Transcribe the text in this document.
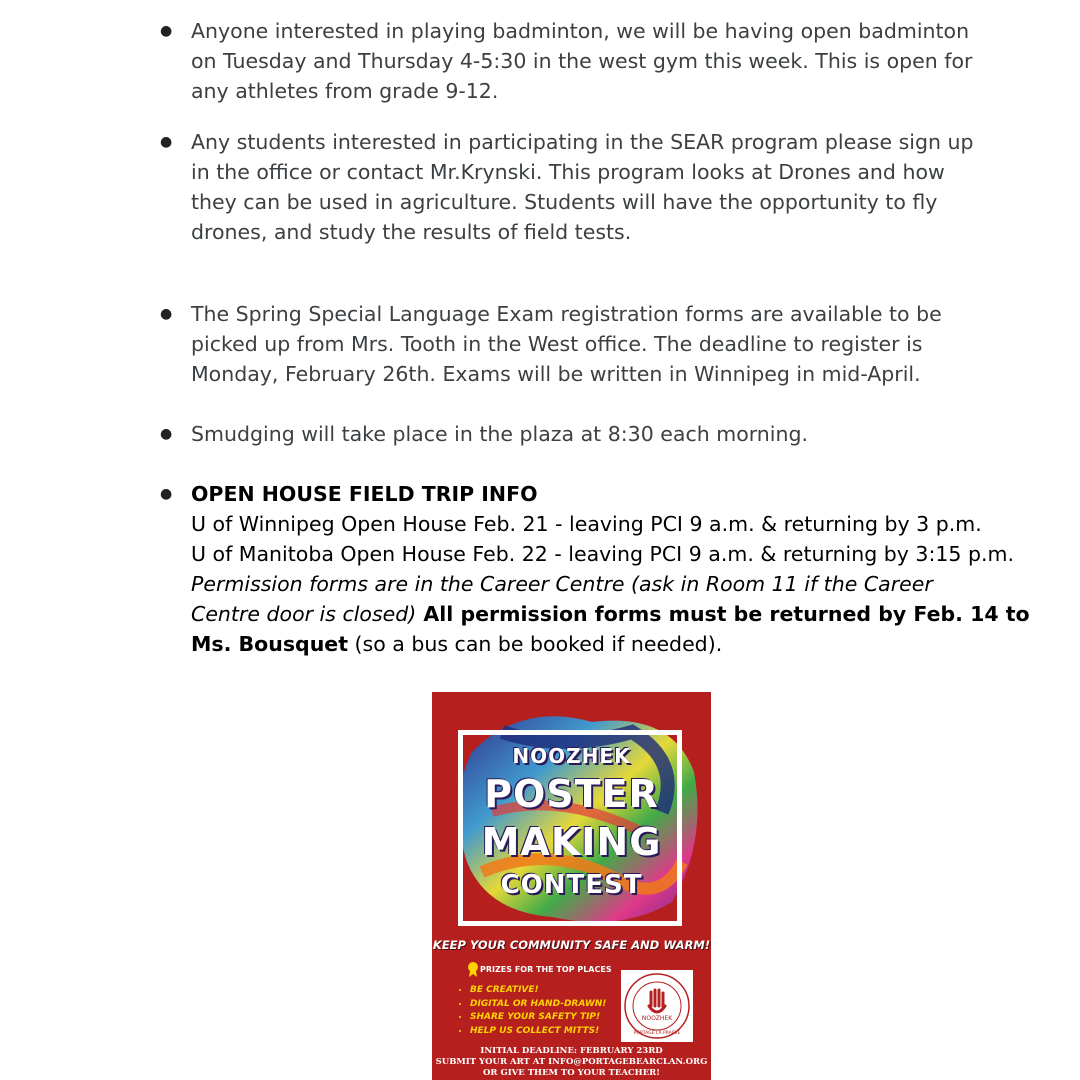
● Anyone interested in playing badminton, we will be having open badminton
on Tuesday and Thursday 4-5:30 in the west gym this week. This is open for
any athletes from grade 9-12.
● Any students interested in participating in the SEAR program please sign up
in the office or contact Mr.Krynski. This program looks at Drones and how
they can be used in agriculture. Students will have the opportunity to fly
drones, and study the results of field tests.
● The Spring Special Language Exam registration forms are available to be
picked up from Mrs. Tooth in the West office. The deadline to register is
Monday, February 26th. Exams will be written in Winnipeg in mid-April.
● Smudging will take place in the plaza at 8:30 each morning.
● OPEN HOUSE FIELD TRIP INFO
U of Winnipeg Open House Feb. 21 - leaving PCI 9 a.m. & returning by 3 p.m.
U of Manitoba Open House Feb. 22 - leaving PCI 9 a.m. & returning by 3:15 p.m.
Permission forms are in the Career Centre (ask in Room 11 if the Career
Centre door is closed) All permission forms must be returned by Feb. 14 to
Ms. Bousquet (so a bus can be booked if needed).
NOOZHEK
POSTER
MAKING
CONTEST
KEEP YOUR COMMUNITY SAFE AND WARM!
PRIZES FOR THE TOP PLACES
• BE CREATIVE!
• DIGITAL OR HAND-DRAWN!
• SHARE YOUR SAFETY TIP!
• HELP US COLLECT MITTS!
NOOZHEK
PORTAGE LA PRAIRIE
INITIAL DEADLINE: FEBRUARY 23RD
SUBMIT YOUR ART AT INFO@PORTAGEBEARCLAN.ORG
OR GIVE THEM TO YOUR TEACHER!
